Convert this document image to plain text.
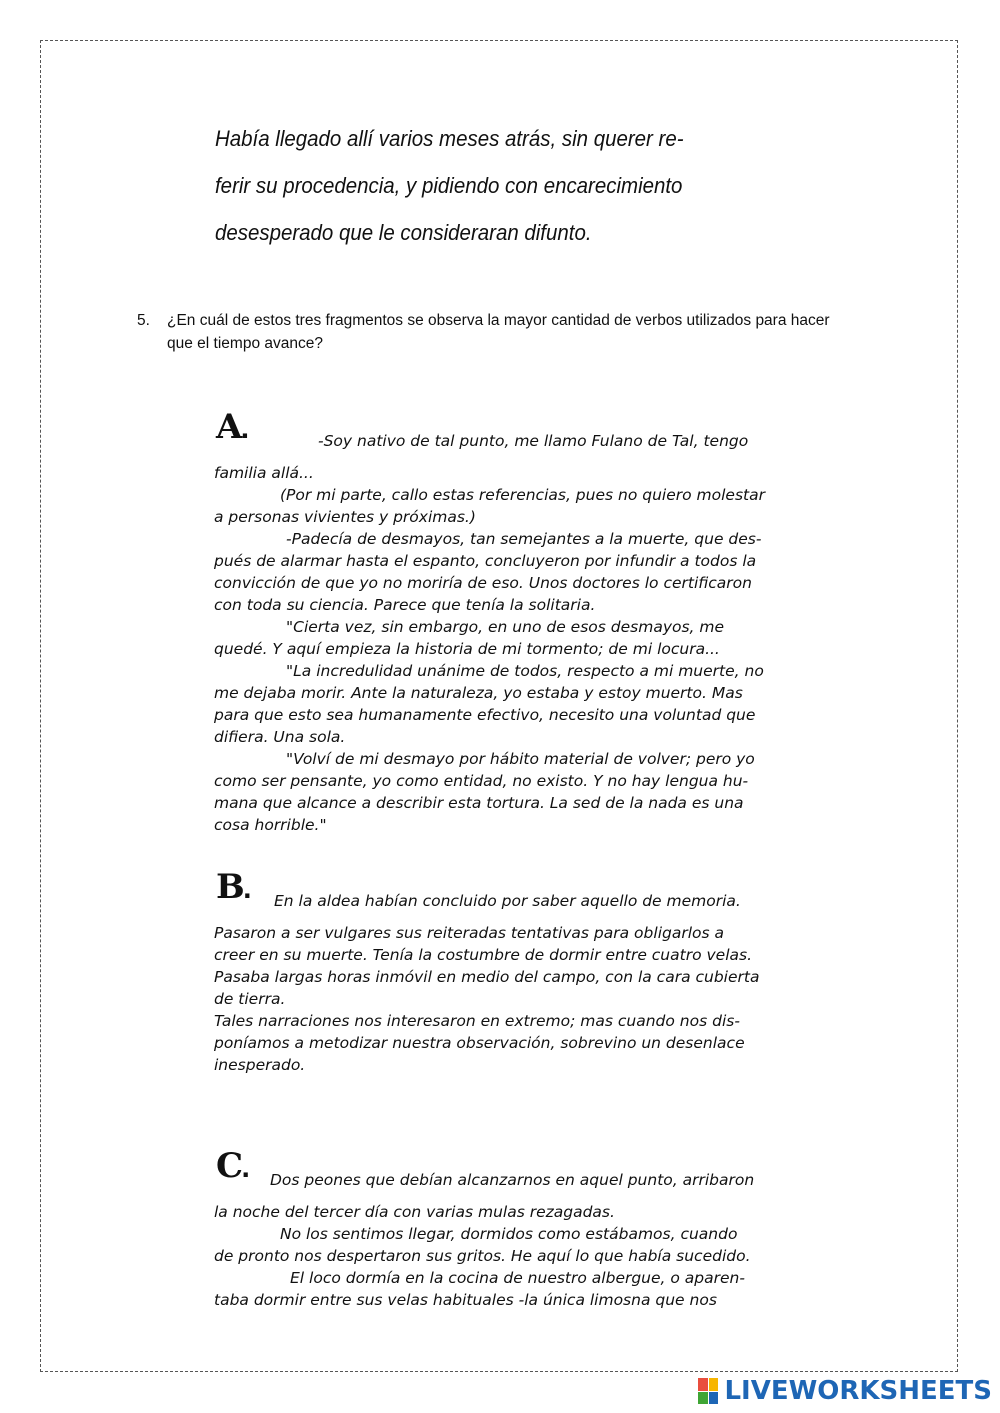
Había llegado allí varios meses atrás, sin querer re-
ferir su procedencia, y pidiendo con encarecimiento
desesperado que le consideraran difunto.
5. ¿En cuál de estos tres fragmentos se observa la mayor cantidad de verbos utilizados para hacer que el tiempo avance?
A.	-Soy nativo de tal punto, me llamo Fulano de Tal, tengo
familia allá...
(Por mi parte, callo estas referencias, pues no quiero molestar
a personas vivientes y próximas.)
-Padecía de desmayos, tan semejantes a la muerte, que des-
pués de alarmar hasta el espanto, concluyeron por infundir a todos la
convicción de que yo no moriría de eso. Unos doctores lo certificaron
con toda su ciencia. Parece que tenía la solitaria.
"Cierta vez, sin embargo, en uno de esos desmayos, me
quedé. Y aquí empieza la historia de mi tormento; de mi locura...
"La incredulidad unánime de todos, respecto a mi muerte, no
me dejaba morir. Ante la naturaleza, yo estaba y estoy muerto. Mas
para que esto sea humanamente efectivo, necesito una voluntad que
difiera. Una sola.
"Volví de mi desmayo por hábito material de volver; pero yo
como ser pensante, yo como entidad, no existo. Y no hay lengua hu-
mana que alcance a describir esta tortura. La sed de la nada es una
cosa horrible."
B. En la aldea habían concluido por saber aquello de memoria.
Pasaron a ser vulgares sus reiteradas tentativas para obligarlos a
creer en su muerte. Tenía la costumbre de dormir entre cuatro velas.
Pasaba largas horas inmóvil en medio del campo, con la cara cubierta
de tierra.
Tales narraciones nos interesaron en extremo; mas cuando nos dis-
poníamos a metodizar nuestra observación, sobrevino un desenlace
inesperado.
C. Dos peones que debían alcanzarnos en aquel punto, arribaron
la noche del tercer día con varias mulas rezagadas.
No los sentimos llegar, dormidos como estábamos, cuando
de pronto nos despertaron sus gritos. He aquí lo que había sucedido.
El loco dormía en la cocina de nuestro albergue, o aparen-
taba dormir entre sus velas habituales -la única limosna que nos
LIVEWORKSHEETS
